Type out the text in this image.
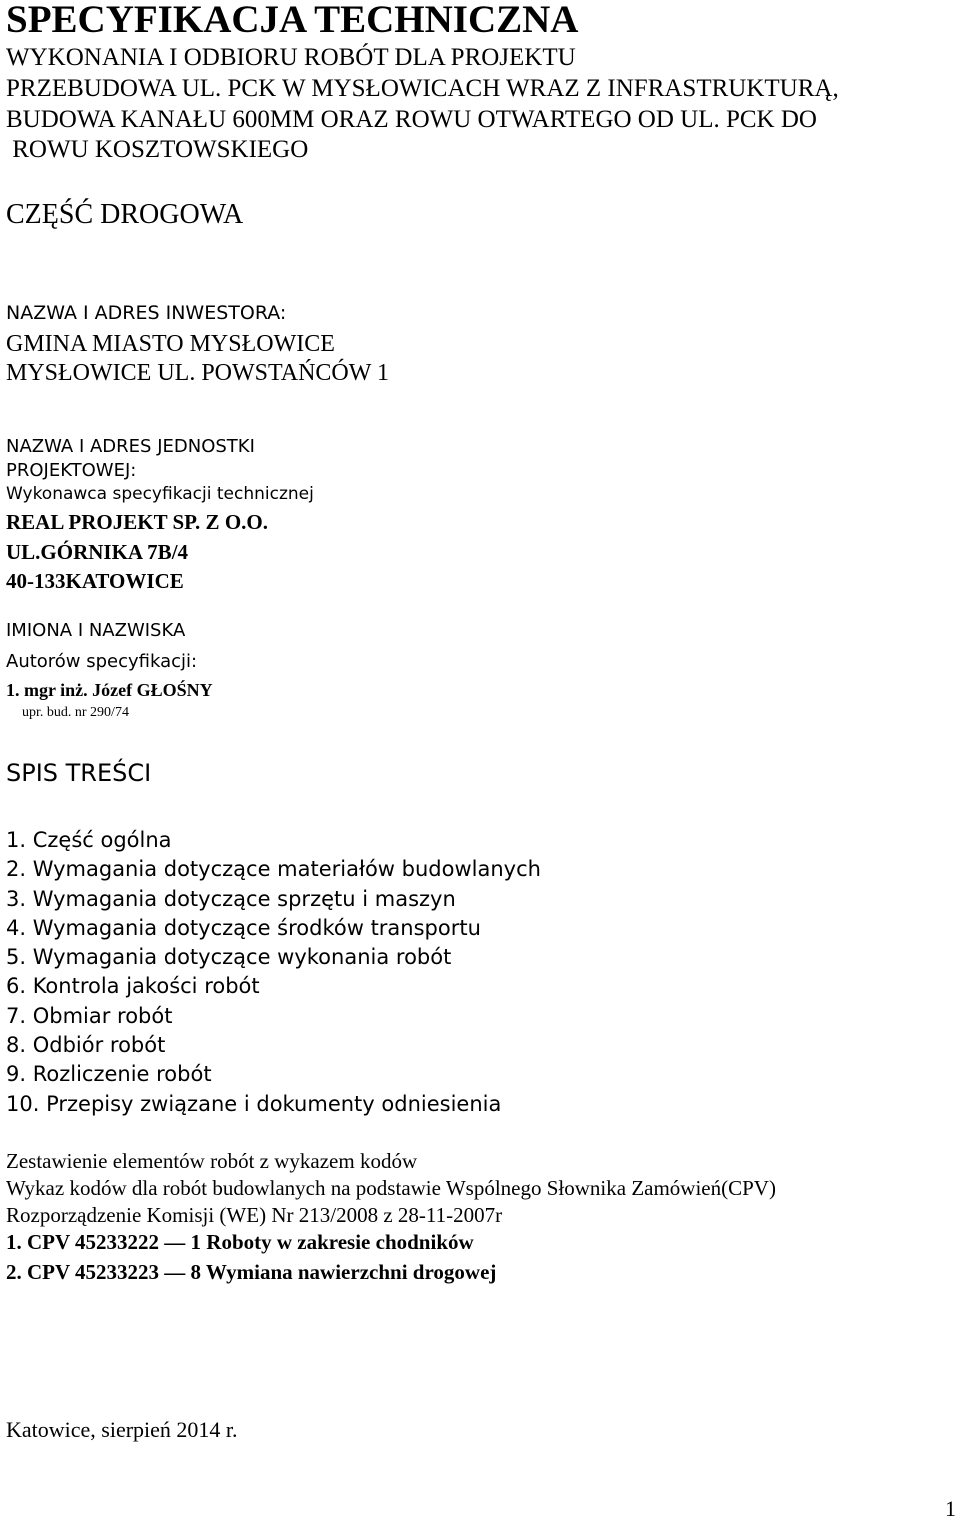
SPECYFIKACJA TECHNICZNA
WYKONANIA I ODBIORU ROBÓT DLA PROJEKTU
PRZEBUDOWA UL. PCK W MYSŁOWICACH WRAZ Z INFRASTRUKTURĄ,
BUDOWA KANAŁU 600MM ORAZ ROWU OTWARTEGO OD UL. PCK DO
ROWU KOSZTOWSKIEGO
CZĘŚĆ DROGOWA
NAZWA I ADRES INWESTORA:
GMINA MIASTO MYSŁOWICE
MYSŁOWICE UL. POWSTAŃCÓW 1
NAZWA I ADRES JEDNOSTKI
PROJEKTOWEJ:
Wykonawca specyfikacji technicznej
REAL PROJEKT SP. Z O.O.
UL.GÓRNIKA 7B/4
40-133KATOWICE
IMIONA I NAZWISKA
Autorów specyfikacji:
1. mgr inż. Józef GŁOŚNY
upr. bud. nr 290/74
SPIS TREŚCI
1. Część ogólna
2. Wymagania dotyczące materiałów budowlanych
3. Wymagania dotyczące sprzętu i maszyn
4. Wymagania dotyczące środków transportu
5. Wymagania dotyczące wykonania robót
6. Kontrola jakości robót
7. Obmiar robót
8. Odbiór robót
9. Rozliczenie robót
10. Przepisy związane i dokumenty odniesienia
Zestawienie elementów robót z wykazem kodów
Wykaz kodów dla robót budowlanych na podstawie Wspólnego Słownika Zamówień(CPV)
Rozporządzenie Komisji (WE) Nr 213/2008 z 28-11-2007r
1. CPV 45233222 — 1 Roboty w zakresie chodników
2. CPV 45233223 — 8 Wymiana nawierzchni drogowej
Katowice, sierpień 2014 r.
1
